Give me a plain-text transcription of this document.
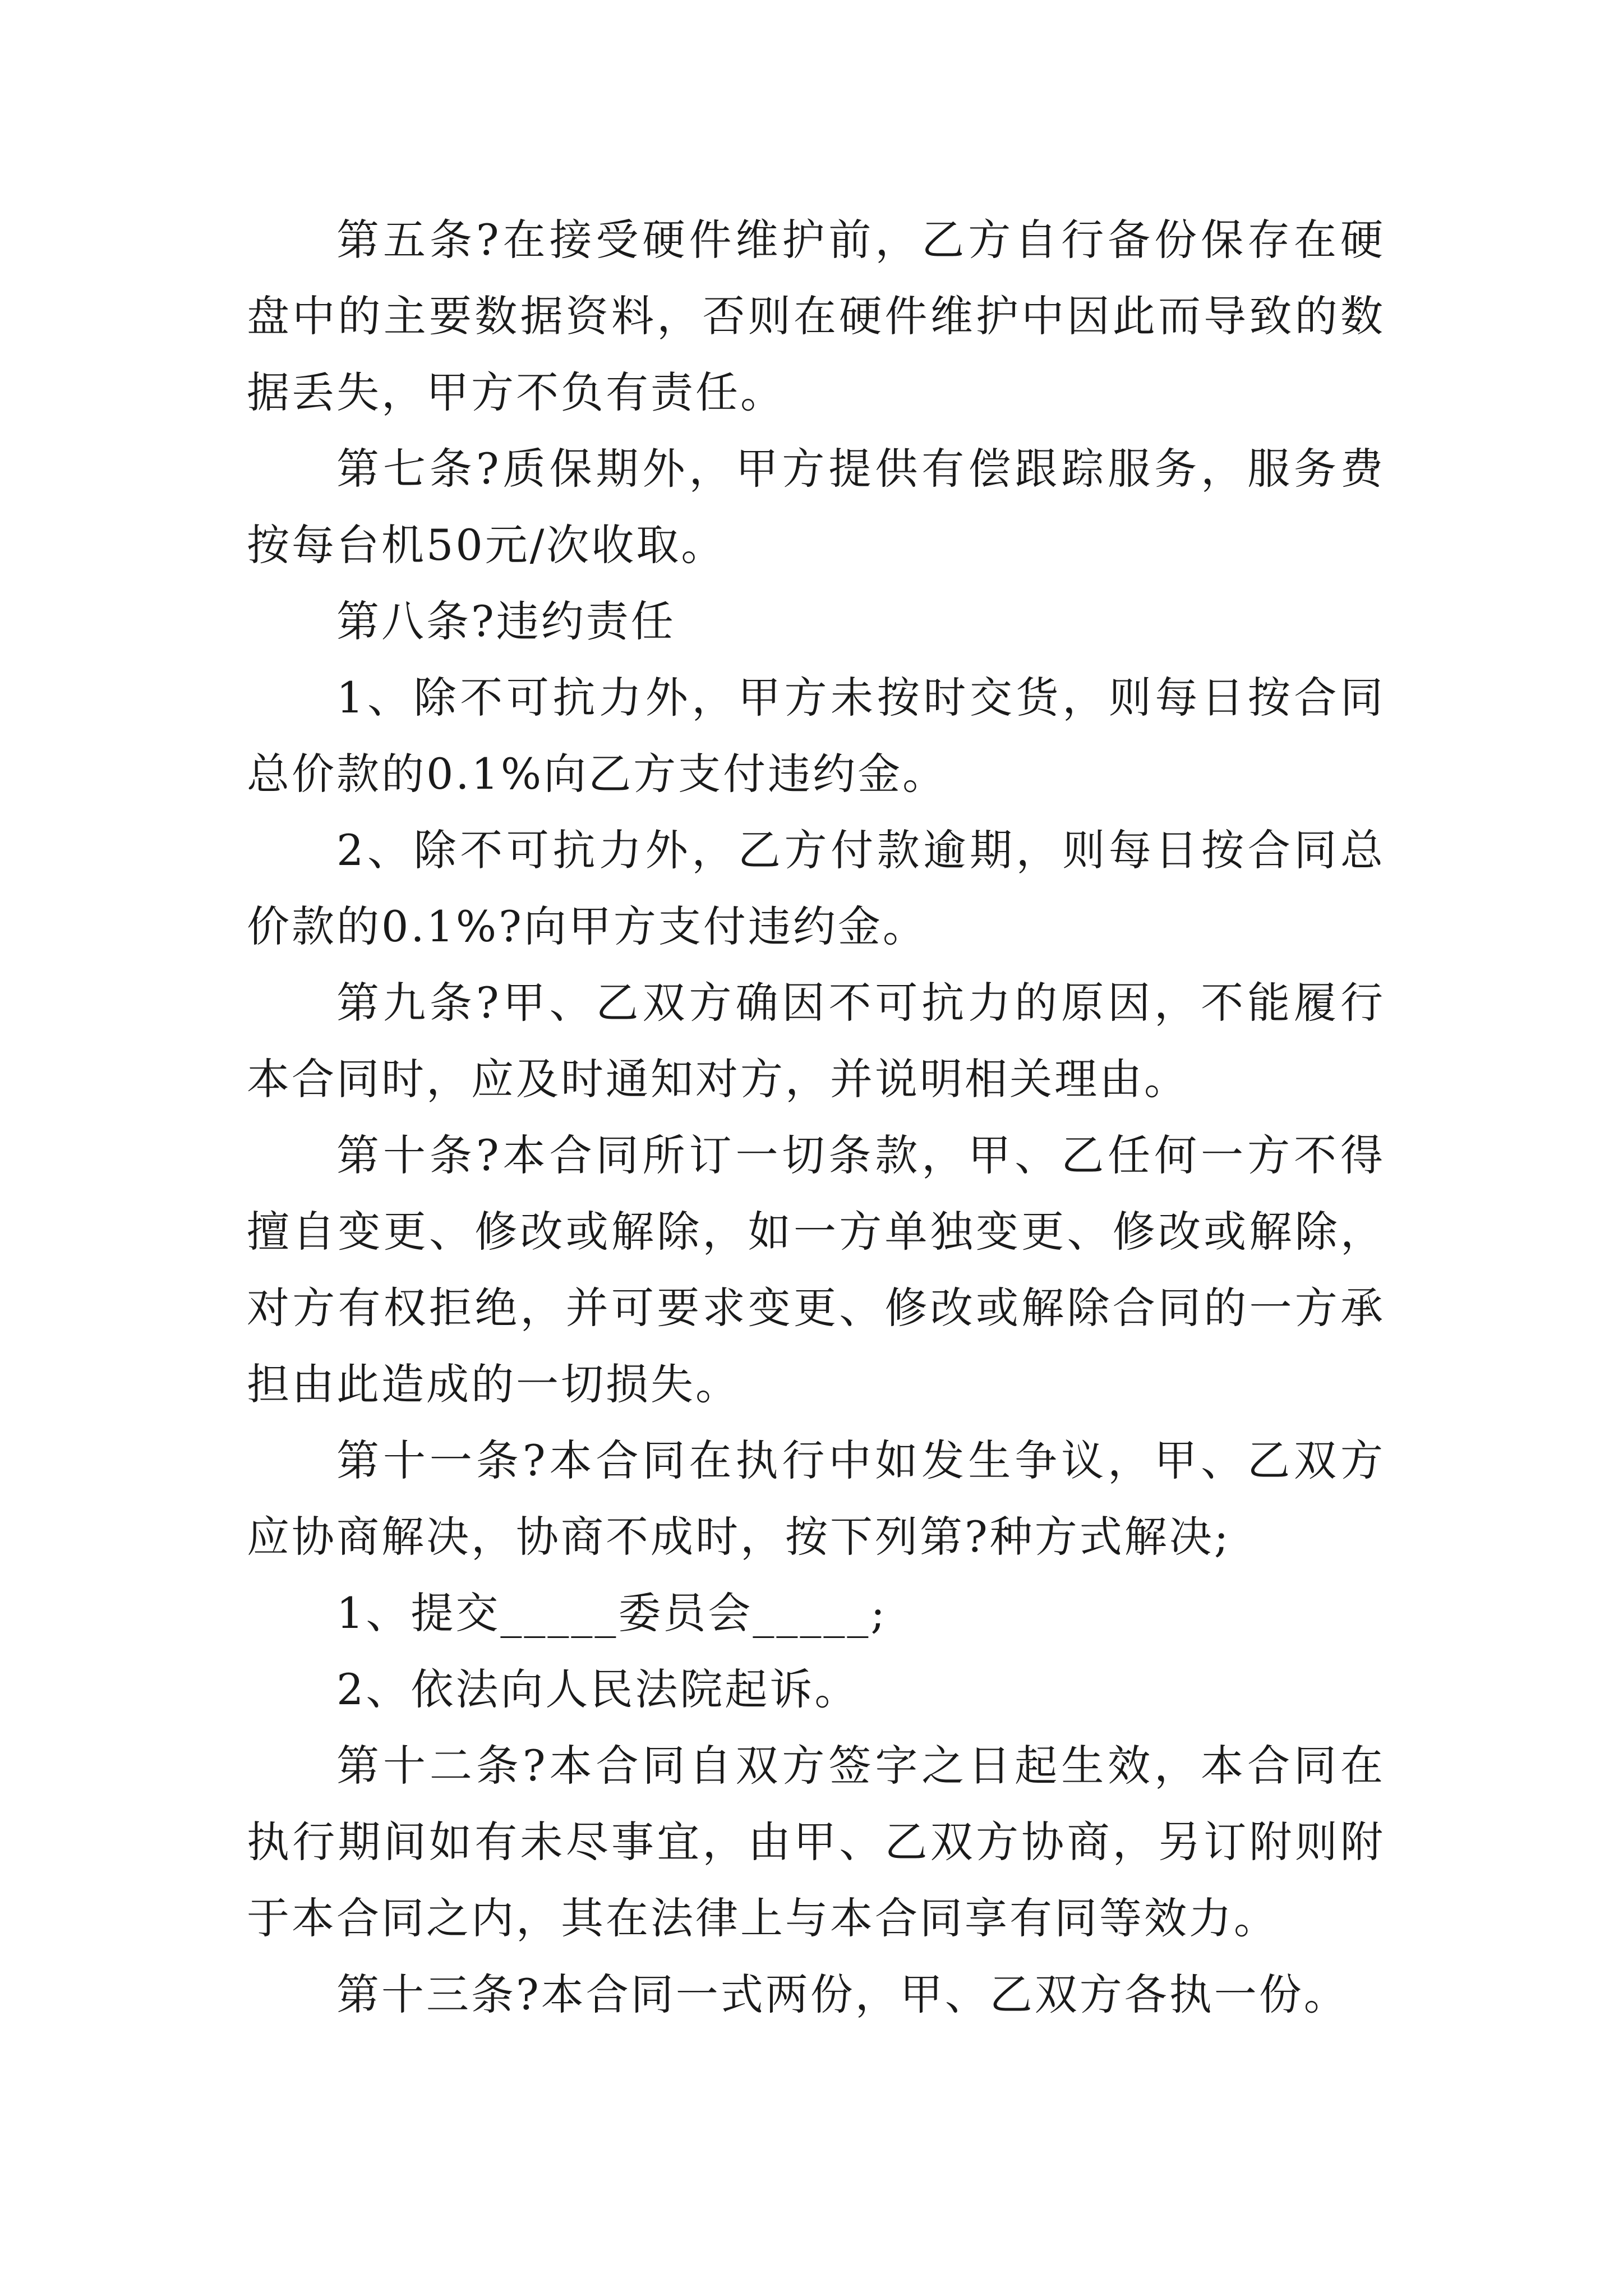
第五条?在接受硬件维护前，乙方自行备份保存在硬盘中的主要数据资料，否则在硬件维护中因此而导致的数据丢失，甲方不负有责任。

第七条?质保期外，甲方提供有偿跟踪服务，服务费按每台机50元/次收取。

第八条?违约责任

1、除不可抗力外，甲方未按时交货，则每日按合同总价款的0.1%向乙方支付违约金。

2、除不可抗力外，乙方付款逾期，则每日按合同总价款的0.1%?向甲方支付违约金。

第九条?甲、乙双方确因不可抗力的原因，不能履行本合同时，应及时通知对方，并说明相关理由。

第十条?本合同所订一切条款，甲、乙任何一方不得擅自变更、修改或解除，如一方单独变更、修改或解除，对方有权拒绝，并可要求变更、修改或解除合同的一方承担由此造成的一切损失。

第十一条?本合同在执行中如发生争议，甲、乙双方应协商解决，协商不成时，按下列第?种方式解决;

1、提交_____委员会_____;

2、依法向人民法院起诉。

第十二条?本合同自双方签字之日起生效，本合同在执行期间如有未尽事宜，由甲、乙双方协商，另订附则附于本合同之内，其在法律上与本合同享有同等效力。

第十三条?本合同一式两份，甲、乙双方各执一份。
